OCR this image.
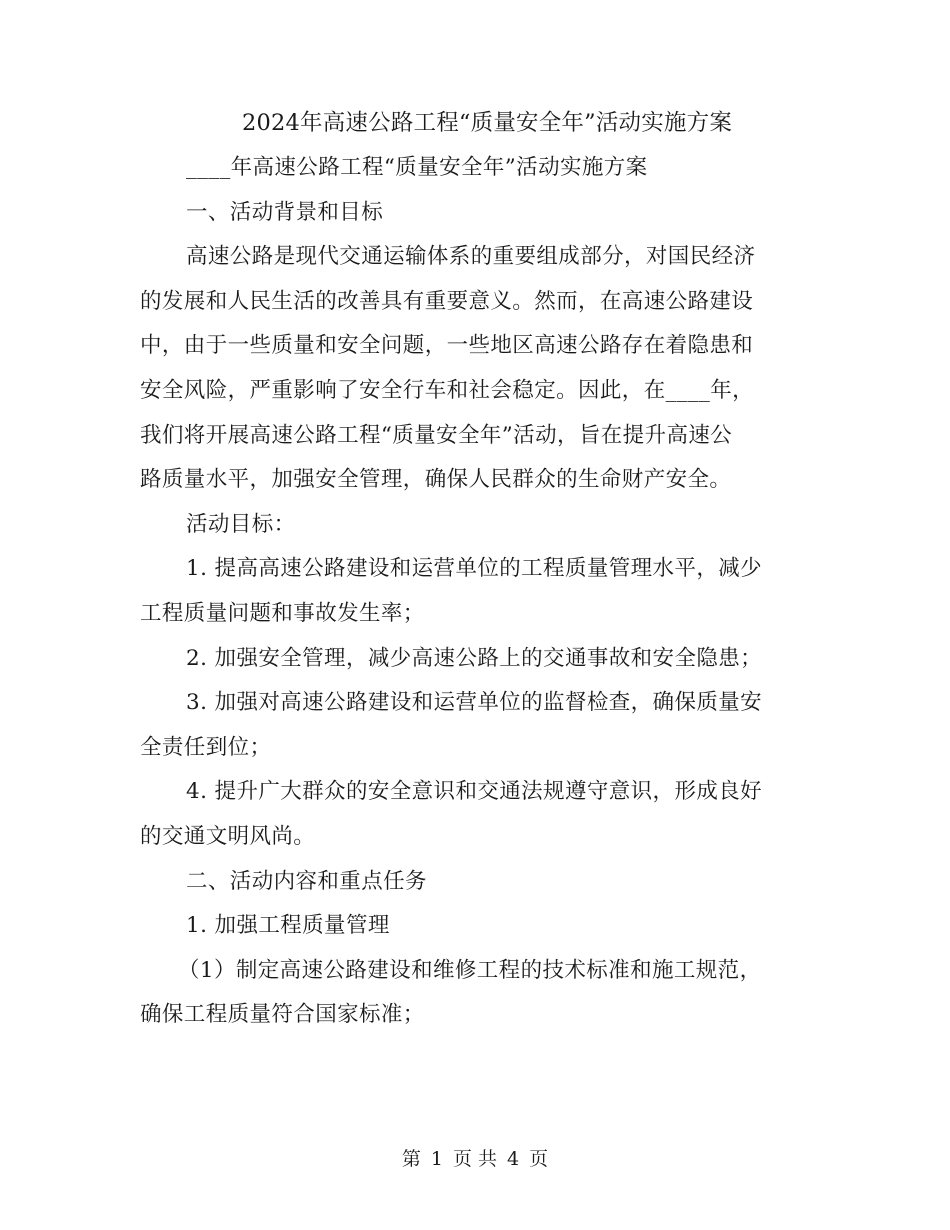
2024年高速公路工程“质量安全年”活动实施方案

____年高速公路工程“质量安全年”活动实施方案

一、活动背景和目标

高速公路是现代交通运输体系的重要组成部分，对国民经济

的发展和人民生活的改善具有重要意义。然而，在高速公路建设

中，由于一些质量和安全问题，一些地区高速公路存在着隐患和

安全风险，严重影响了安全行车和社会稳定。因此，在____年，

我们将开展高速公路工程“质量安全年”活动，旨在提升高速公

路质量水平，加强安全管理，确保人民群众的生命财产安全。

活动目标：

1. 提高高速公路建设和运营单位的工程质量管理水平，减少

工程质量问题和事故发生率；

2. 加强安全管理，减少高速公路上的交通事故和安全隐患；

3. 加强对高速公路建设和运营单位的监督检查，确保质量安

全责任到位；

4. 提升广大群众的安全意识和交通法规遵守意识，形成良好

的交通文明风尚。

二、活动内容和重点任务

1. 加强工程质量管理

（1）制定高速公路建设和维修工程的技术标准和施工规范，

确保工程质量符合国家标准；

第 1 页 共 4 页
